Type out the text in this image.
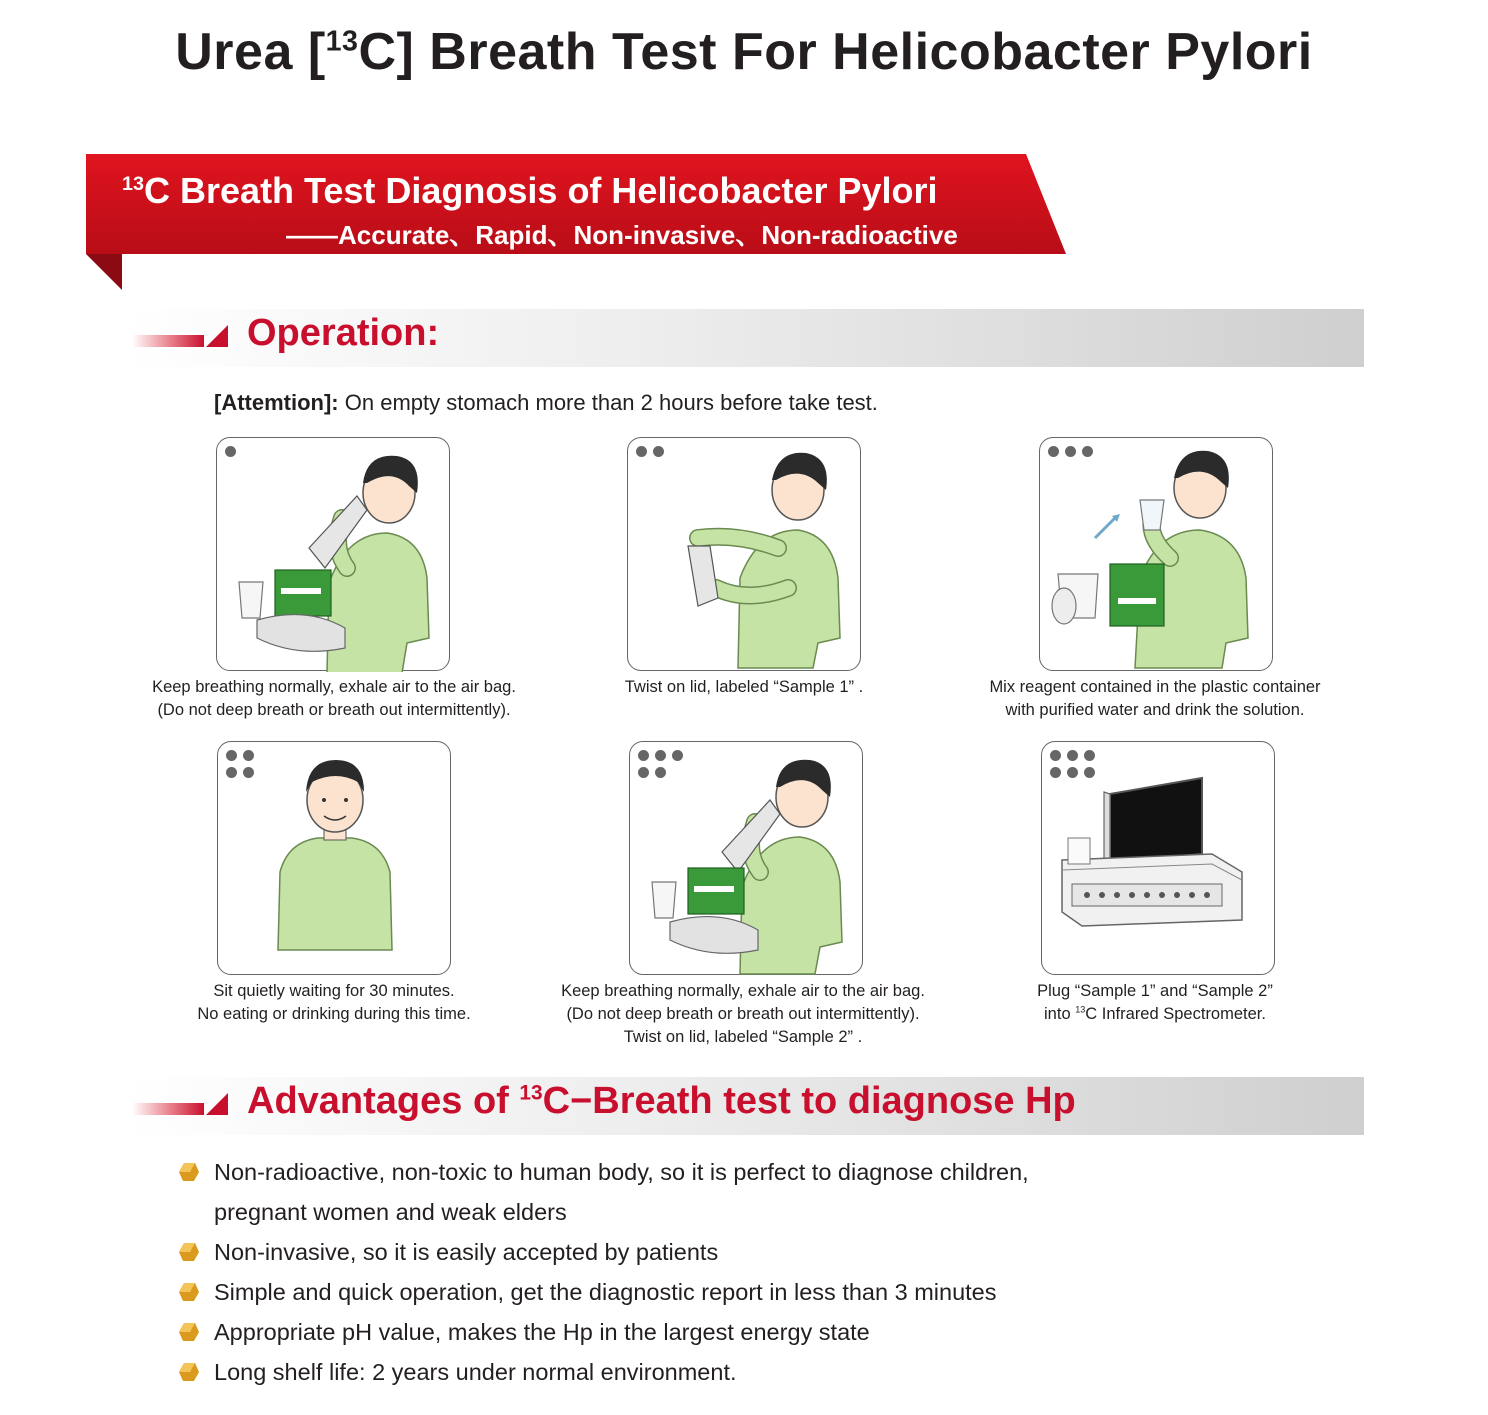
Urea [$^{13}$C] Breath Test For Helicobacter Pylori
$^{13}$C Breath Test Diagnosis of Helicobacter Pylori
——Accurate、Rapid、Non-invasive、Non-radioactive
Operation:
[Attemtion]: On empty stomach more than 2 hours before take test.
Keep breathing normally, exhale air to the air bag.
(Do not deep breath or breath out intermittently).
Twist on lid, labeled “Sample 1” .	Mix reagent contained in the plastic container
with purified water and drink the solution.
Sit quietly waiting for 30 minutes.
No eating or drinking during this time.
Keep breathing normally, exhale air to the air bag.
(Do not deep breath or breath out intermittently).
Twist on lid, labeled “Sample 2” .
Plug “Sample 1” and “Sample 2”
into $^{13}$C Infrared Spectrometer.
Advantages of $^{13}$C−Breath test to diagnose Hp
Non-radioactive, non-toxic to human body, so it is perfect to diagnose children,
pregnant women and weak elders
Non-invasive, so it is easily accepted by patients
Simple and quick operation, get the diagnostic report in less than 3 minutes
Appropriate pH value, makes the Hp in the largest energy state
Long shelf life: 2 years under normal environment.
